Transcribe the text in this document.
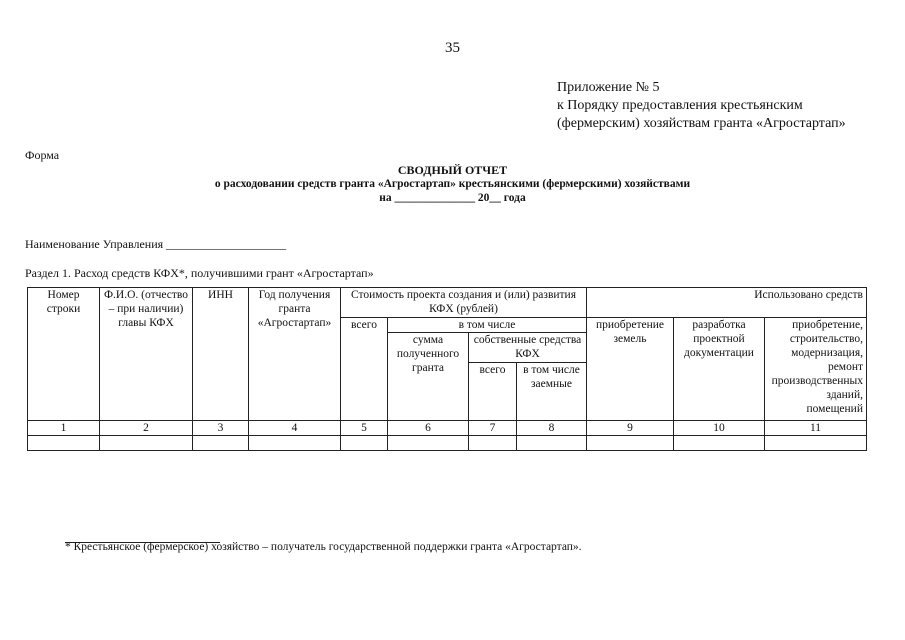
35
Приложение № 5
к Порядку предоставления крестьянским
(фермерским) хозяйствам гранта «Агростартап»
Форма
СВОДНЫЙ ОТЧЕТ
о расходовании средств гранта «Агростартап» крестьянскими (фермерскими) хозяйствами
на ______________ 20__ года
Наименование Управления ____________________
Раздел 1. Расход средств КФХ*, получившими грант «Агростартап»
Номер строки	Ф.И.О. (отчество – при наличии) главы КФХ	ИНН	Год получения гранта «Агростартап»	Стоимость проекта создания и (или) развития КФХ (рублей)				Использовано средств		
				всего	в том числе			приобретение земель	разработка проектной документации	приобретение, строительство, модернизация, ремонт производственных зданий, помещений
					сумма полученного гранта	собственные средства КФХ				
						всего	в том числе заемные			
1	2	3	4	5	6	7	8	9	10	11

* Крестьянское (фермерское) хозяйство – получатель государственной поддержки гранта «Агростартап».
